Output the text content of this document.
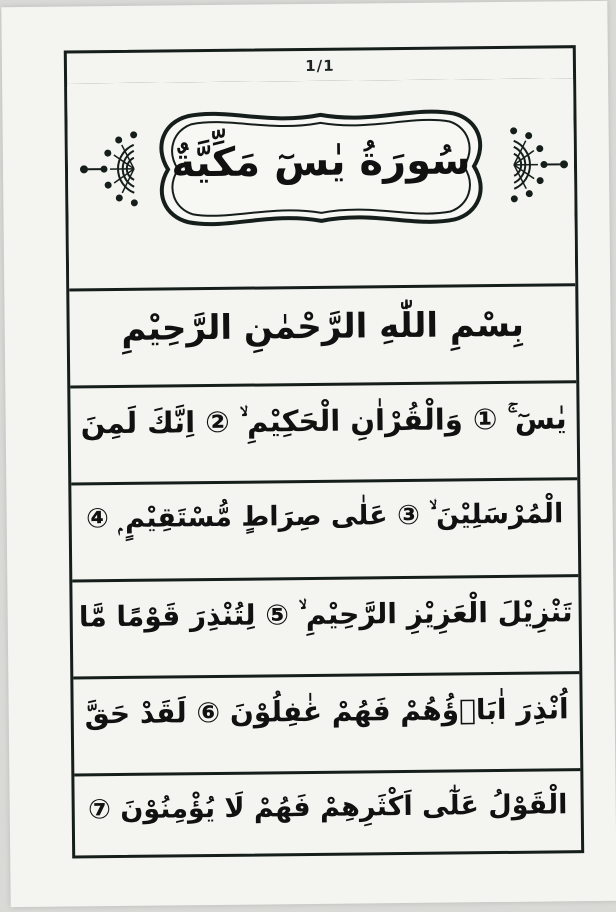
1/1
سُورَةُ يٰسٓ مَكِّيَّةٌ
بِسْمِ اللّٰهِ الرَّحْمٰنِ الرَّحِيْمِ
يٰسٓ ۚ ① وَالْقُرْاٰنِ الْحَكِيْمِ ۙ ② اِنَّكَ لَمِنَ
الْمُرْسَلِيْنَ ۙ ③ عَلٰى صِرَاطٍ مُّسْتَقِيْمٍ ۭ ④
تَنْزِيْلَ الْعَزِيْزِ الرَّحِيْمِ ۙ ⑤ لِتُنْذِرَ قَوْمًا مَّا
اُنْذِرَ اٰبَاۗؤُهُمْ فَهُمْ غٰفِلُوْنَ ⑥ لَقَدْ حَقَّ
الْقَوْلُ عَلٰٓى اَكْثَرِهِمْ فَهُمْ لَا يُؤْمِنُوْنَ ⑦
